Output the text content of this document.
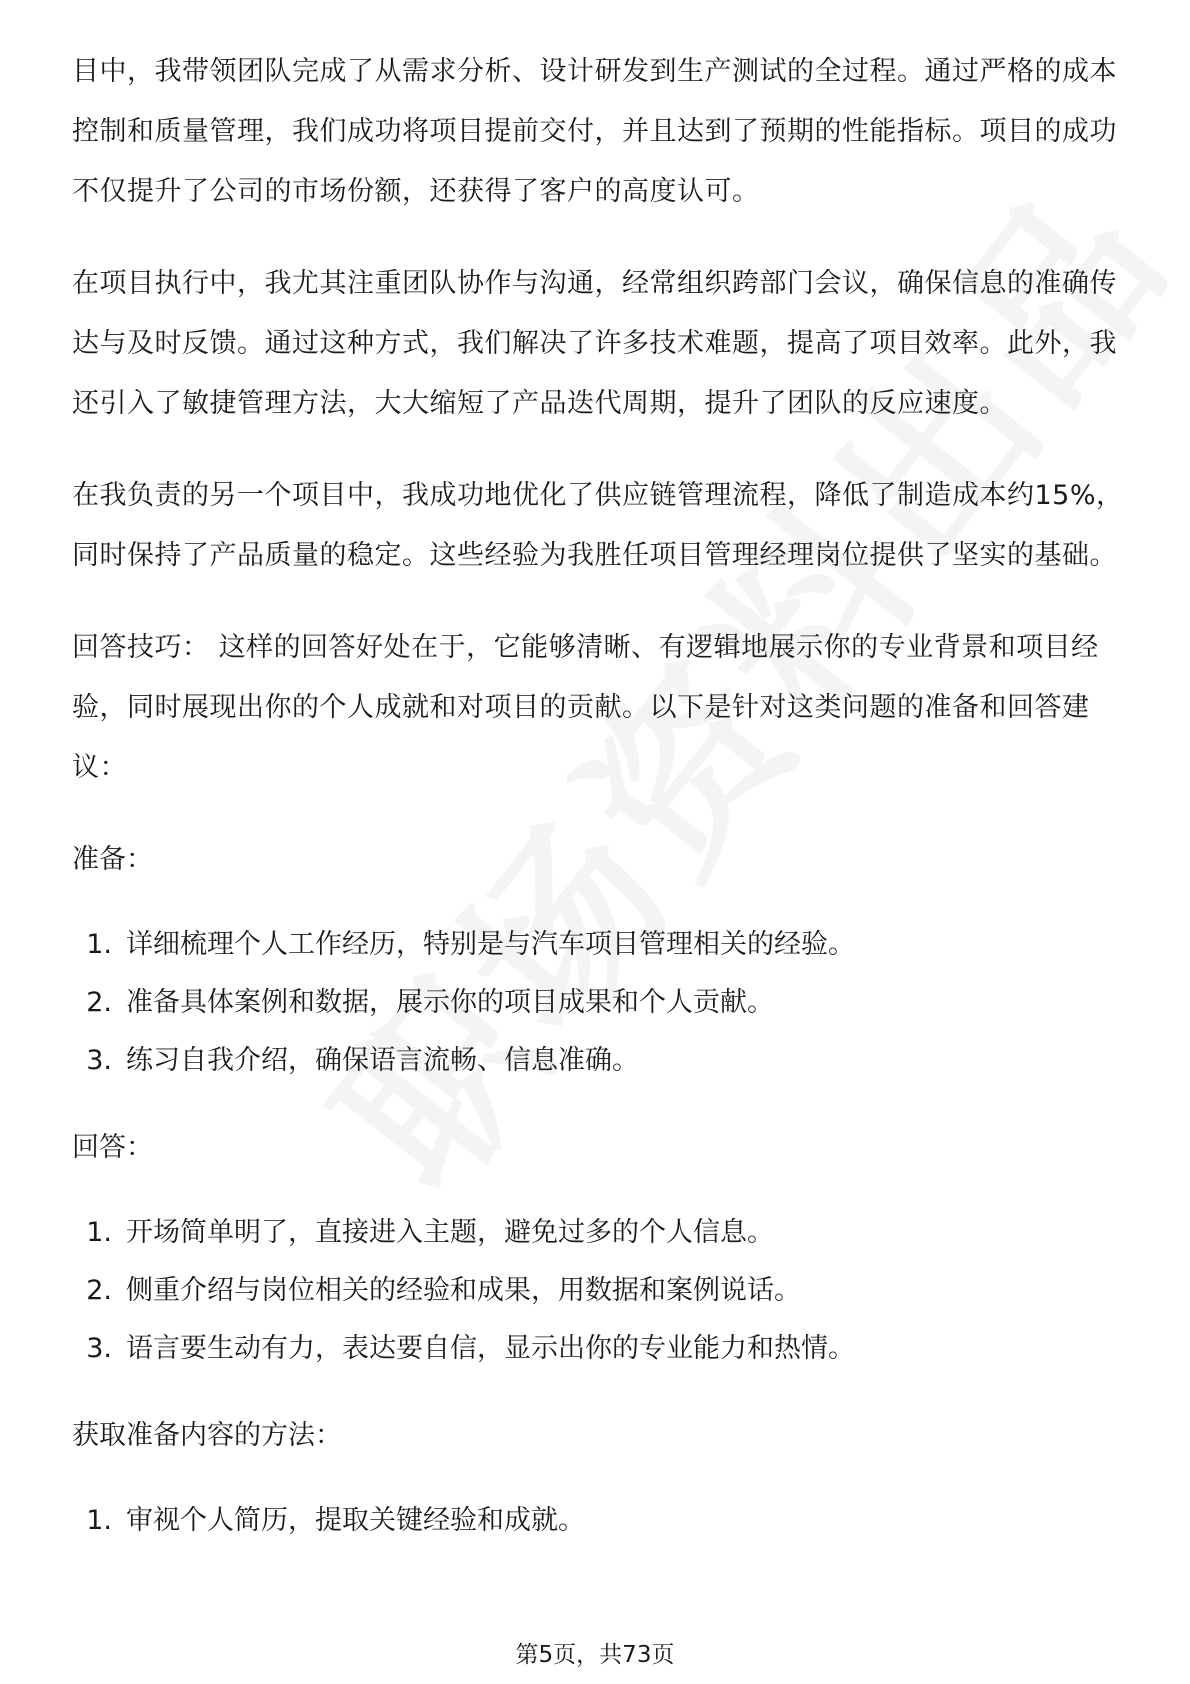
目中，我带领团队完成了从需求分析、设计研发到生产测试的全过程。通过严格的成本控制和质量管理，我们成功将项目提前交付，并且达到了预期的性能指标。项目的成功不仅提升了公司的市场份额，还获得了客户的高度认可。

在项目执行中，我尤其注重团队协作与沟通，经常组织跨部门会议，确保信息的准确传达与及时反馈。通过这种方式，我们解决了许多技术难题，提高了项目效率。此外，我还引入了敏捷管理方法，大大缩短了产品迭代周期，提升了团队的反应速度。

在我负责的另一个项目中，我成功地优化了供应链管理流程，降低了制造成本约15%，同时保持了产品质量的稳定。这些经验为我胜任项目管理经理岗位提供了坚实的基础。

回答技巧： 这样的回答好处在于，它能够清晰、有逻辑地展示你的专业背景和项目经验，同时展现出你的个人成就和对项目的贡献。以下是针对这类问题的准备和回答建议：

准备：

1. 详细梳理个人工作经历，特别是与汽车项目管理相关的经验。
2. 准备具体案例和数据，展示你的项目成果和个人贡献。
3. 练习自我介绍，确保语言流畅、信息准确。

回答：

1. 开场简单明了，直接进入主题，避免过多的个人信息。
2. 侧重介绍与岗位相关的经验和成果，用数据和案例说话。
3. 语言要生动有力，表达要自信，显示出你的专业能力和热情。

获取准备内容的方法：

1. 审视个人简历，提取关键经验和成就。
第5页，共73页
